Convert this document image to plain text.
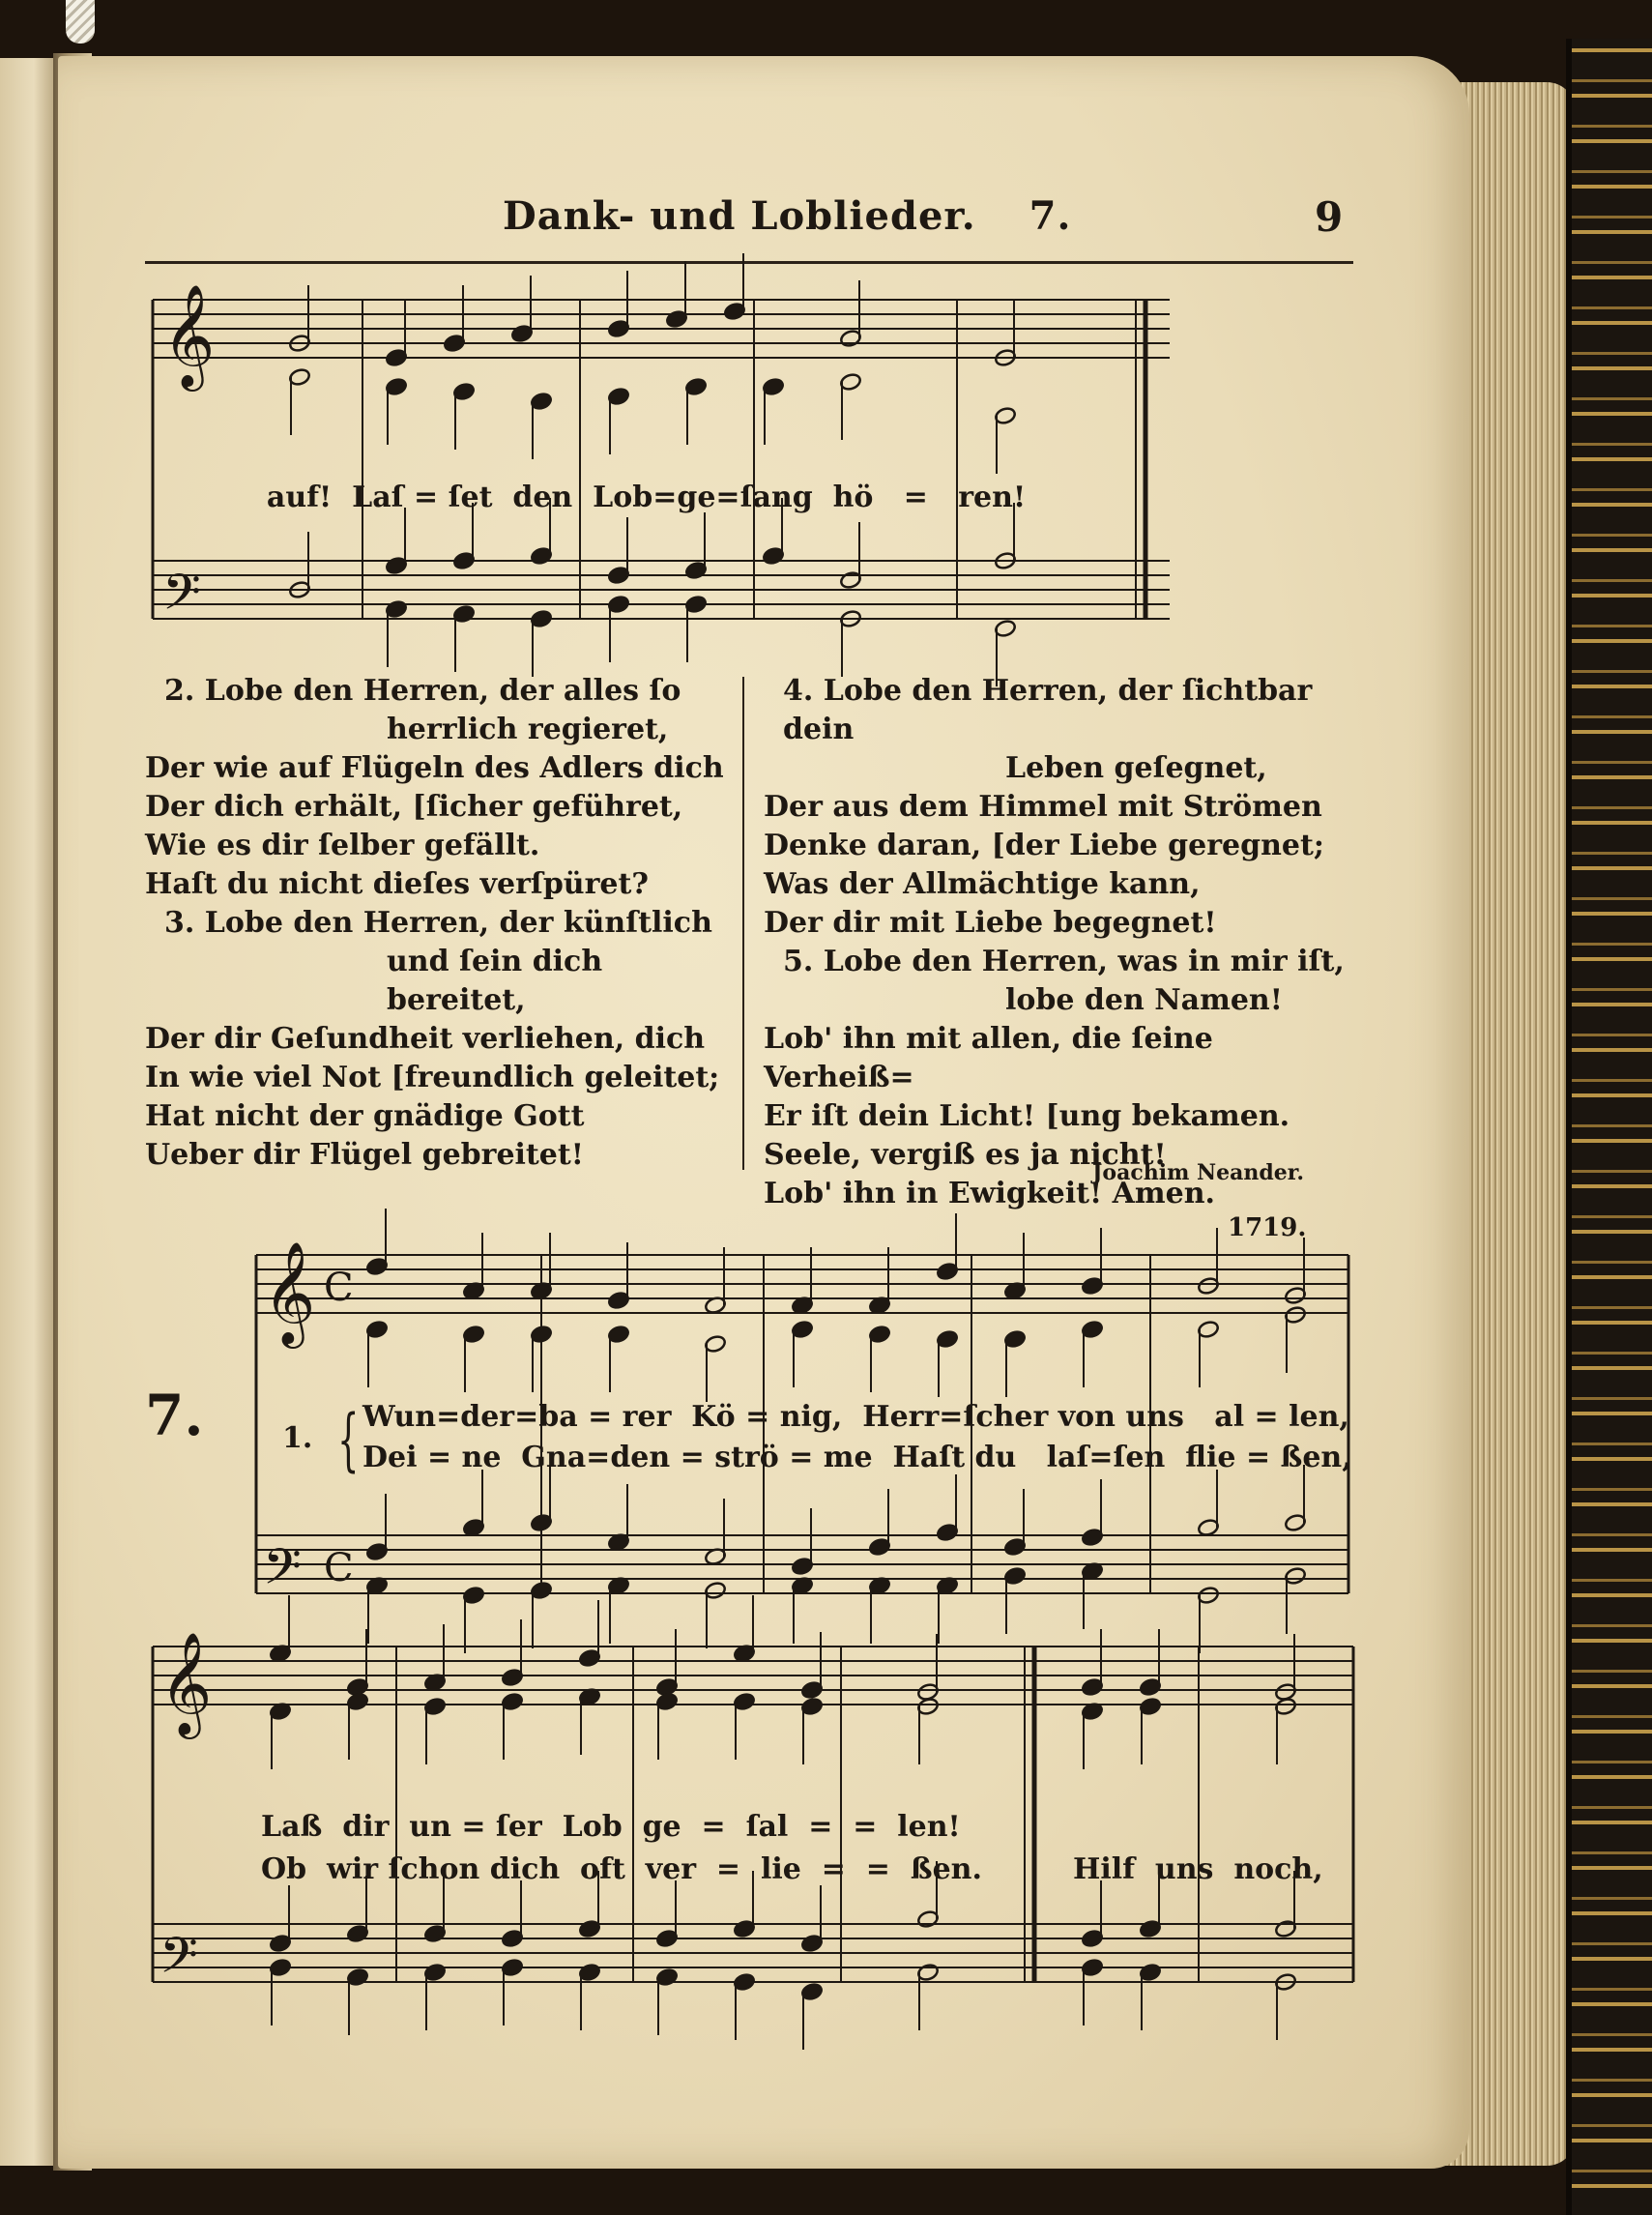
Dank- und Loblieder. 7.	9
𝄞
𝄢
𝄞
𝄢
C
C
𝄞
𝄢

auf! Laſ = ſet den Lob=ge=ſang hö = ren!

2. Lobe den Herren, der alles ſo

herrlich regieret,

Der wie auf Flügeln des Adlers dich

Der dich erhält, [ſicher geführet,

Wie es dir ſelber gefällt.

Haſt du nicht dieſes verſpüret?

3. Lobe den Herren, der künſtlich

und ſein dich bereitet,

Der dir Geſundheit verliehen, dich

In wie viel Not [freundlich geleitet;

Hat nicht der gnädige Gott

Ueber dir Flügel gebreitet!

4. Lobe den Herren, der ſichtbar dein

Leben geſegnet,

Der aus dem Himmel mit Strömen

Denke daran, [der Liebe geregnet;

Was der Allmächtige kann,

Der dir mit Liebe begegnet!

5. Lobe den Herren, was in mir iſt,

lobe den Namen!

Lob' ihn mit allen, die ſeine Verheiß=

Er iſt dein Licht! [ung bekamen.

Seele, vergiß es ja nicht!

Lob' ihn in Ewigkeit! Amen.

Joachim Neander.
1719.
7.	1. { Wun=der=ba = rer  Kö = nig,  Herr=ſcher von uns   al = len,
Dei = ne  Gna=den = strö = me  Haſt du   laſ=ſen  flie = ßen,
Laß  dir  un = ſer  Lob  ge  =  ſal  =  =  len!
Ob  wir ſchon dich  oft  ver  =  lie  =  =  ßen.	Hilf  uns  noch,
